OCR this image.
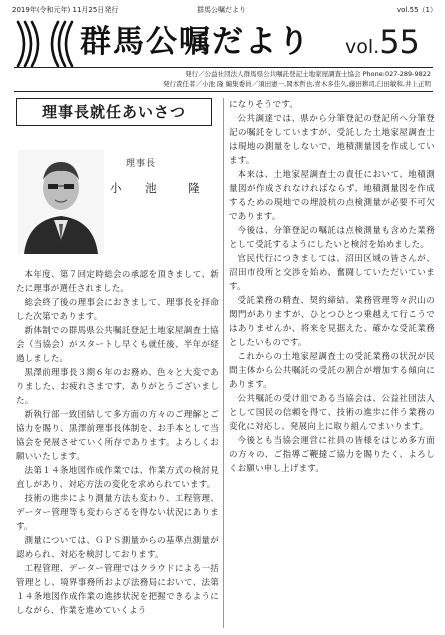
2019年(令和元年) 11月25日発行	群馬公嘱だより	vol.55（1）
群馬公嘱だより vol.55
発行／公益社団法人群馬県公共嘱託登記土地家屋調査士協会 Phone:027-289-9822
発行責任者／小池 隆 編集委員／須田憲一,岡本哲也,青木多佳久,藤田耕司,臼田敏和,井上正明
理事長就任あいさつ
理事長
小 池　隆

本年度、第７回定時総会の承認を頂きまして、新たに理事が選任されました。

総会終了後の理事会におきまして、理事長を拝命した次第であります。

新体制での群馬県公共嘱託登記土地家屋調査士協会（当協会）がスタートし早くも就任後、半年が経過しました。

黒澤前理事長３期６年のお務め、色々と大変でありました、お疲れさまです、ありがとうございました。

新執行部一致団結して多方面の方々のご理解とご協力を賜り、黒澤前理事長体制を、お手本として当協会を発展させていく所存であります。よろしくお願いいたします。

法第１４条地図作成作業では、作業方式の検討見直しがあり、対応方法の変化を求められています。

技術の進歩により測量方法も変わり、工程管理、データー管理等も変わらざるを得ない状況にあります。

測量については、ＧＰＳ測量からの基準点測量が認められ、対応を検討しております。

工程管理、データー管理ではクラウドによる一括管理とし、境界事務所および法務局において、法第１４条地図作成作業の進捗状況を把握できるようにしながら、作業を進めていくよう

になりそうです。

公共調達では、県から分筆登記の登記所へ分筆登記の嘱託をしていますが、受託した土地家屋調査士は現地の測量をしないで、地積測量図を作成しています。

本来は、土地家屋調査士の責任において、地積測量図が作成されなければならず、地積測量図を作成するための現地での埋設杭の点検測量が必要不可欠であります。

今後は、分筆登記の嘱託は点検測量も含めた業務として受託するようにしたいと検討を始めました。

官民代行につきましては、沼田区域の皆さんが、沼田市役所と交渉を始め、奮闘していただいています。

受託業務の精査、契約締結、業務管理等々沢山の関門がありますが、ひとつひとつ乗越えて行こうではありませんか、将来を見据えた、確かな受託業務としたいものです。

これからの土地家屋調査士の受託業務の状況が民間主体から公共嘱託の受託の割合が増加する傾向にあります。

公共嘱託の受け皿である当協会は、公益社団法人として国民の信頼を得て、技術の進歩に伴う業務の変化に対応し、発展向上に取り組んでまいります。

今後とも当協会運営に社員の皆様をはじめ多方面の方々の、ご指導ご鞭撻ご協力を賜りたく、よろしくお願い申し上げます。
